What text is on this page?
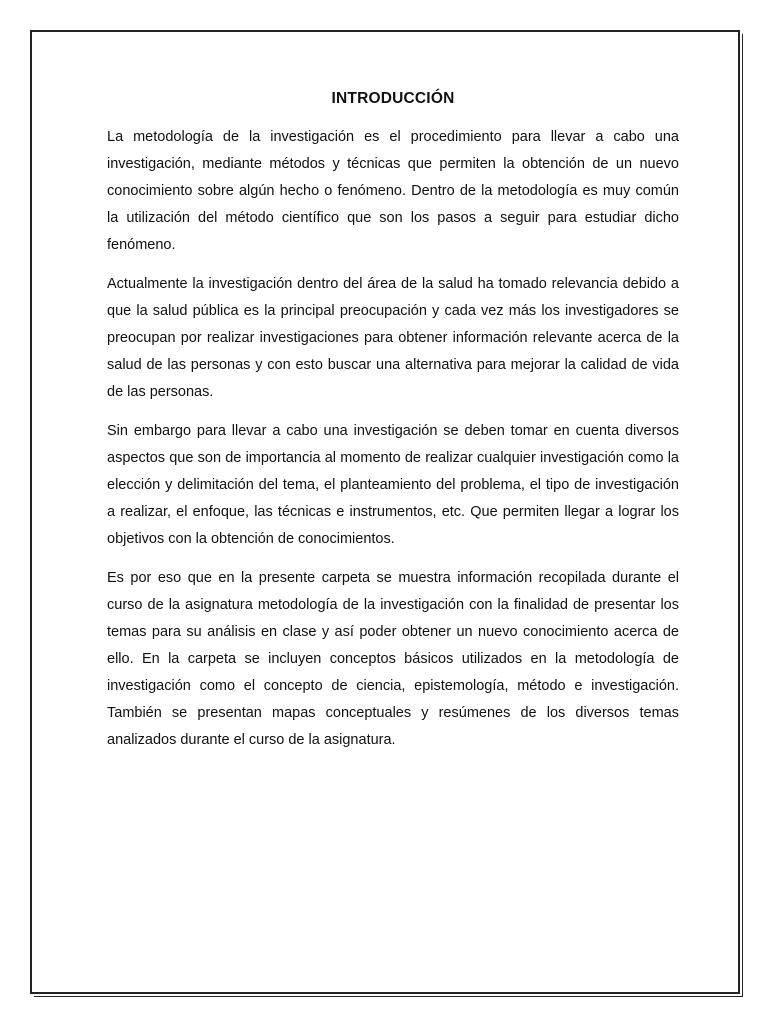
INTRODUCCIÓN

La metodología de la investigación es el procedimiento para llevar a cabo una investigación, mediante métodos y técnicas que permiten la obtención de un nuevo conocimiento sobre algún hecho o fenómeno. Dentro de la metodología es muy común la utilización del método científico que son los pasos a seguir para estudiar dicho fenómeno.

Actualmente la investigación dentro del área de la salud ha tomado relevancia debido a que la salud pública es la principal preocupación y cada vez más los investigadores se preocupan por realizar investigaciones para obtener información relevante acerca de la salud de las personas y con esto buscar una alternativa para mejorar la calidad de vida de las personas.

Sin embargo para llevar a cabo una investigación se deben tomar en cuenta diversos aspectos que son de importancia al momento de realizar cualquier investigación como la elección y delimitación del tema, el planteamiento del problema, el tipo de investigación a realizar, el enfoque, las técnicas e instrumentos, etc. Que permiten llegar a lograr los objetivos con la obtención de conocimientos.

Es por eso que en la presente carpeta se muestra información recopilada durante el curso de la asignatura metodología de la investigación con la finalidad de presentar los temas para su análisis en clase y así poder obtener un nuevo conocimiento acerca de ello. En la carpeta se incluyen conceptos básicos utilizados en la metodología de investigación como el concepto de ciencia, epistemología, método e investigación. También se presentan mapas conceptuales y resúmenes de los diversos temas analizados durante el curso de la asignatura.
